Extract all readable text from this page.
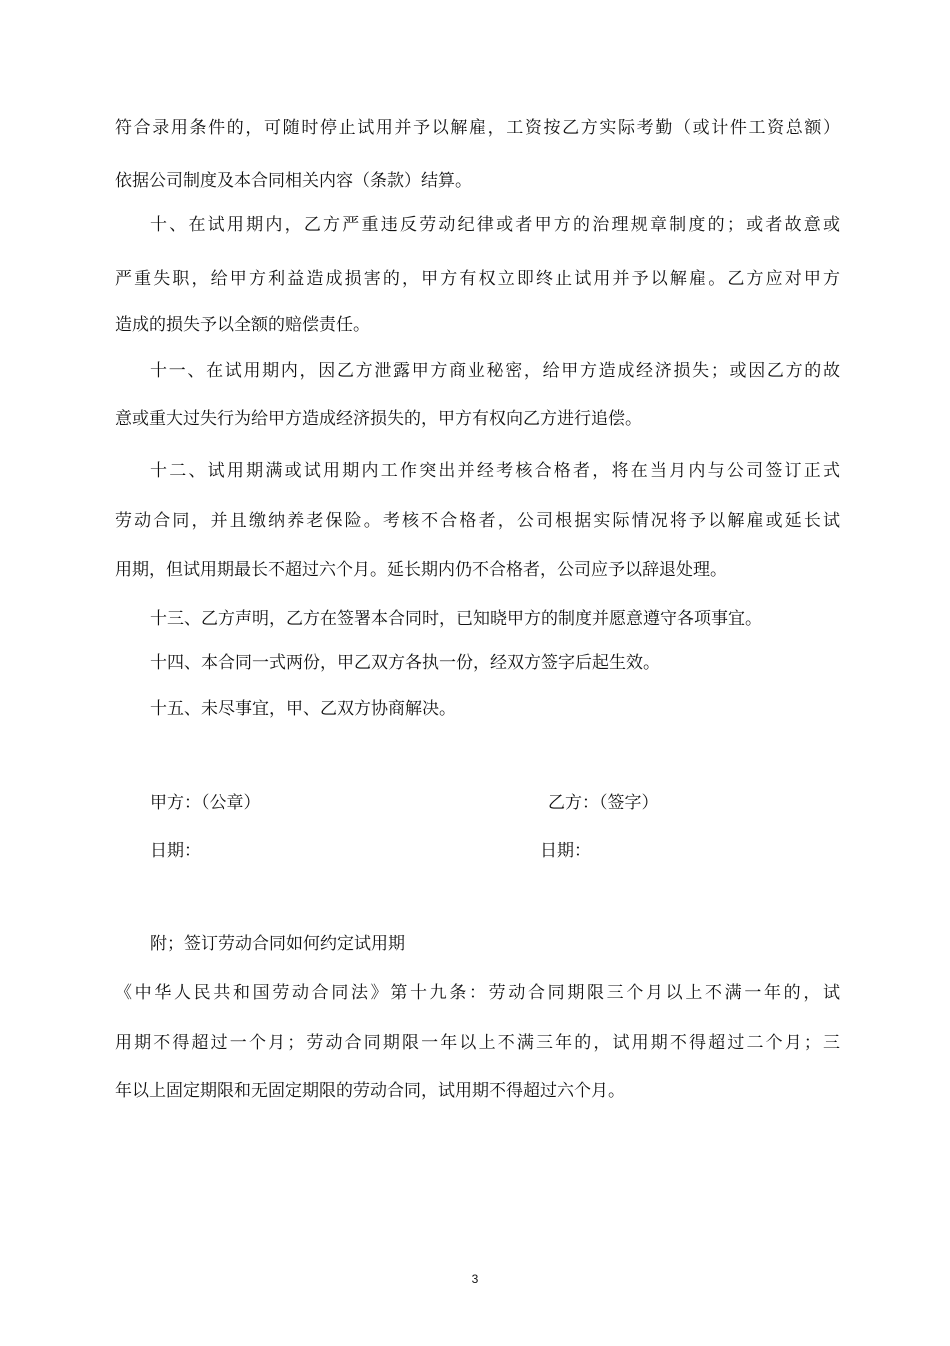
符合录用条件的，可随时停止试用并予以解雇，工资按乙方实际考勤（或计件工资总额）
依据公司制度及本合同相关内容（条款）结算。
十、在试用期内，乙方严重违反劳动纪律或者甲方的治理规章制度的；或者故意或
严重失职，给甲方利益造成损害的，甲方有权立即终止试用并予以解雇。乙方应对甲方
造成的损失予以全额的赔偿责任。
十一、在试用期内，因乙方泄露甲方商业秘密，给甲方造成经济损失；或因乙方的故
意或重大过失行为给甲方造成经济损失的，甲方有权向乙方进行追偿。
十二、试用期满或试用期内工作突出并经考核合格者，将在当月内与公司签订正式
劳动合同，并且缴纳养老保险。考核不合格者，公司根据实际情况将予以解雇或延长试
用期，但试用期最长不超过六个月。延长期内仍不合格者，公司应予以辞退处理。
十三、乙方声明，乙方在签署本合同时，已知晓甲方的制度并愿意遵守各项事宜。
十四、本合同一式两份，甲乙双方各执一份，经双方签字后起生效。
十五、未尽事宜，甲、乙双方协商解决。
甲方：（公章）	乙方：（签字）
日期：	日期：
附；签订劳动合同如何约定试用期
《中华人民共和国劳动合同法》第十九条：劳动合同期限三个月以上不满一年的，试
用期不得超过一个月；劳动合同期限一年以上不满三年的，试用期不得超过二个月；三
年以上固定期限和无固定期限的劳动合同，试用期不得超过六个月。
3
